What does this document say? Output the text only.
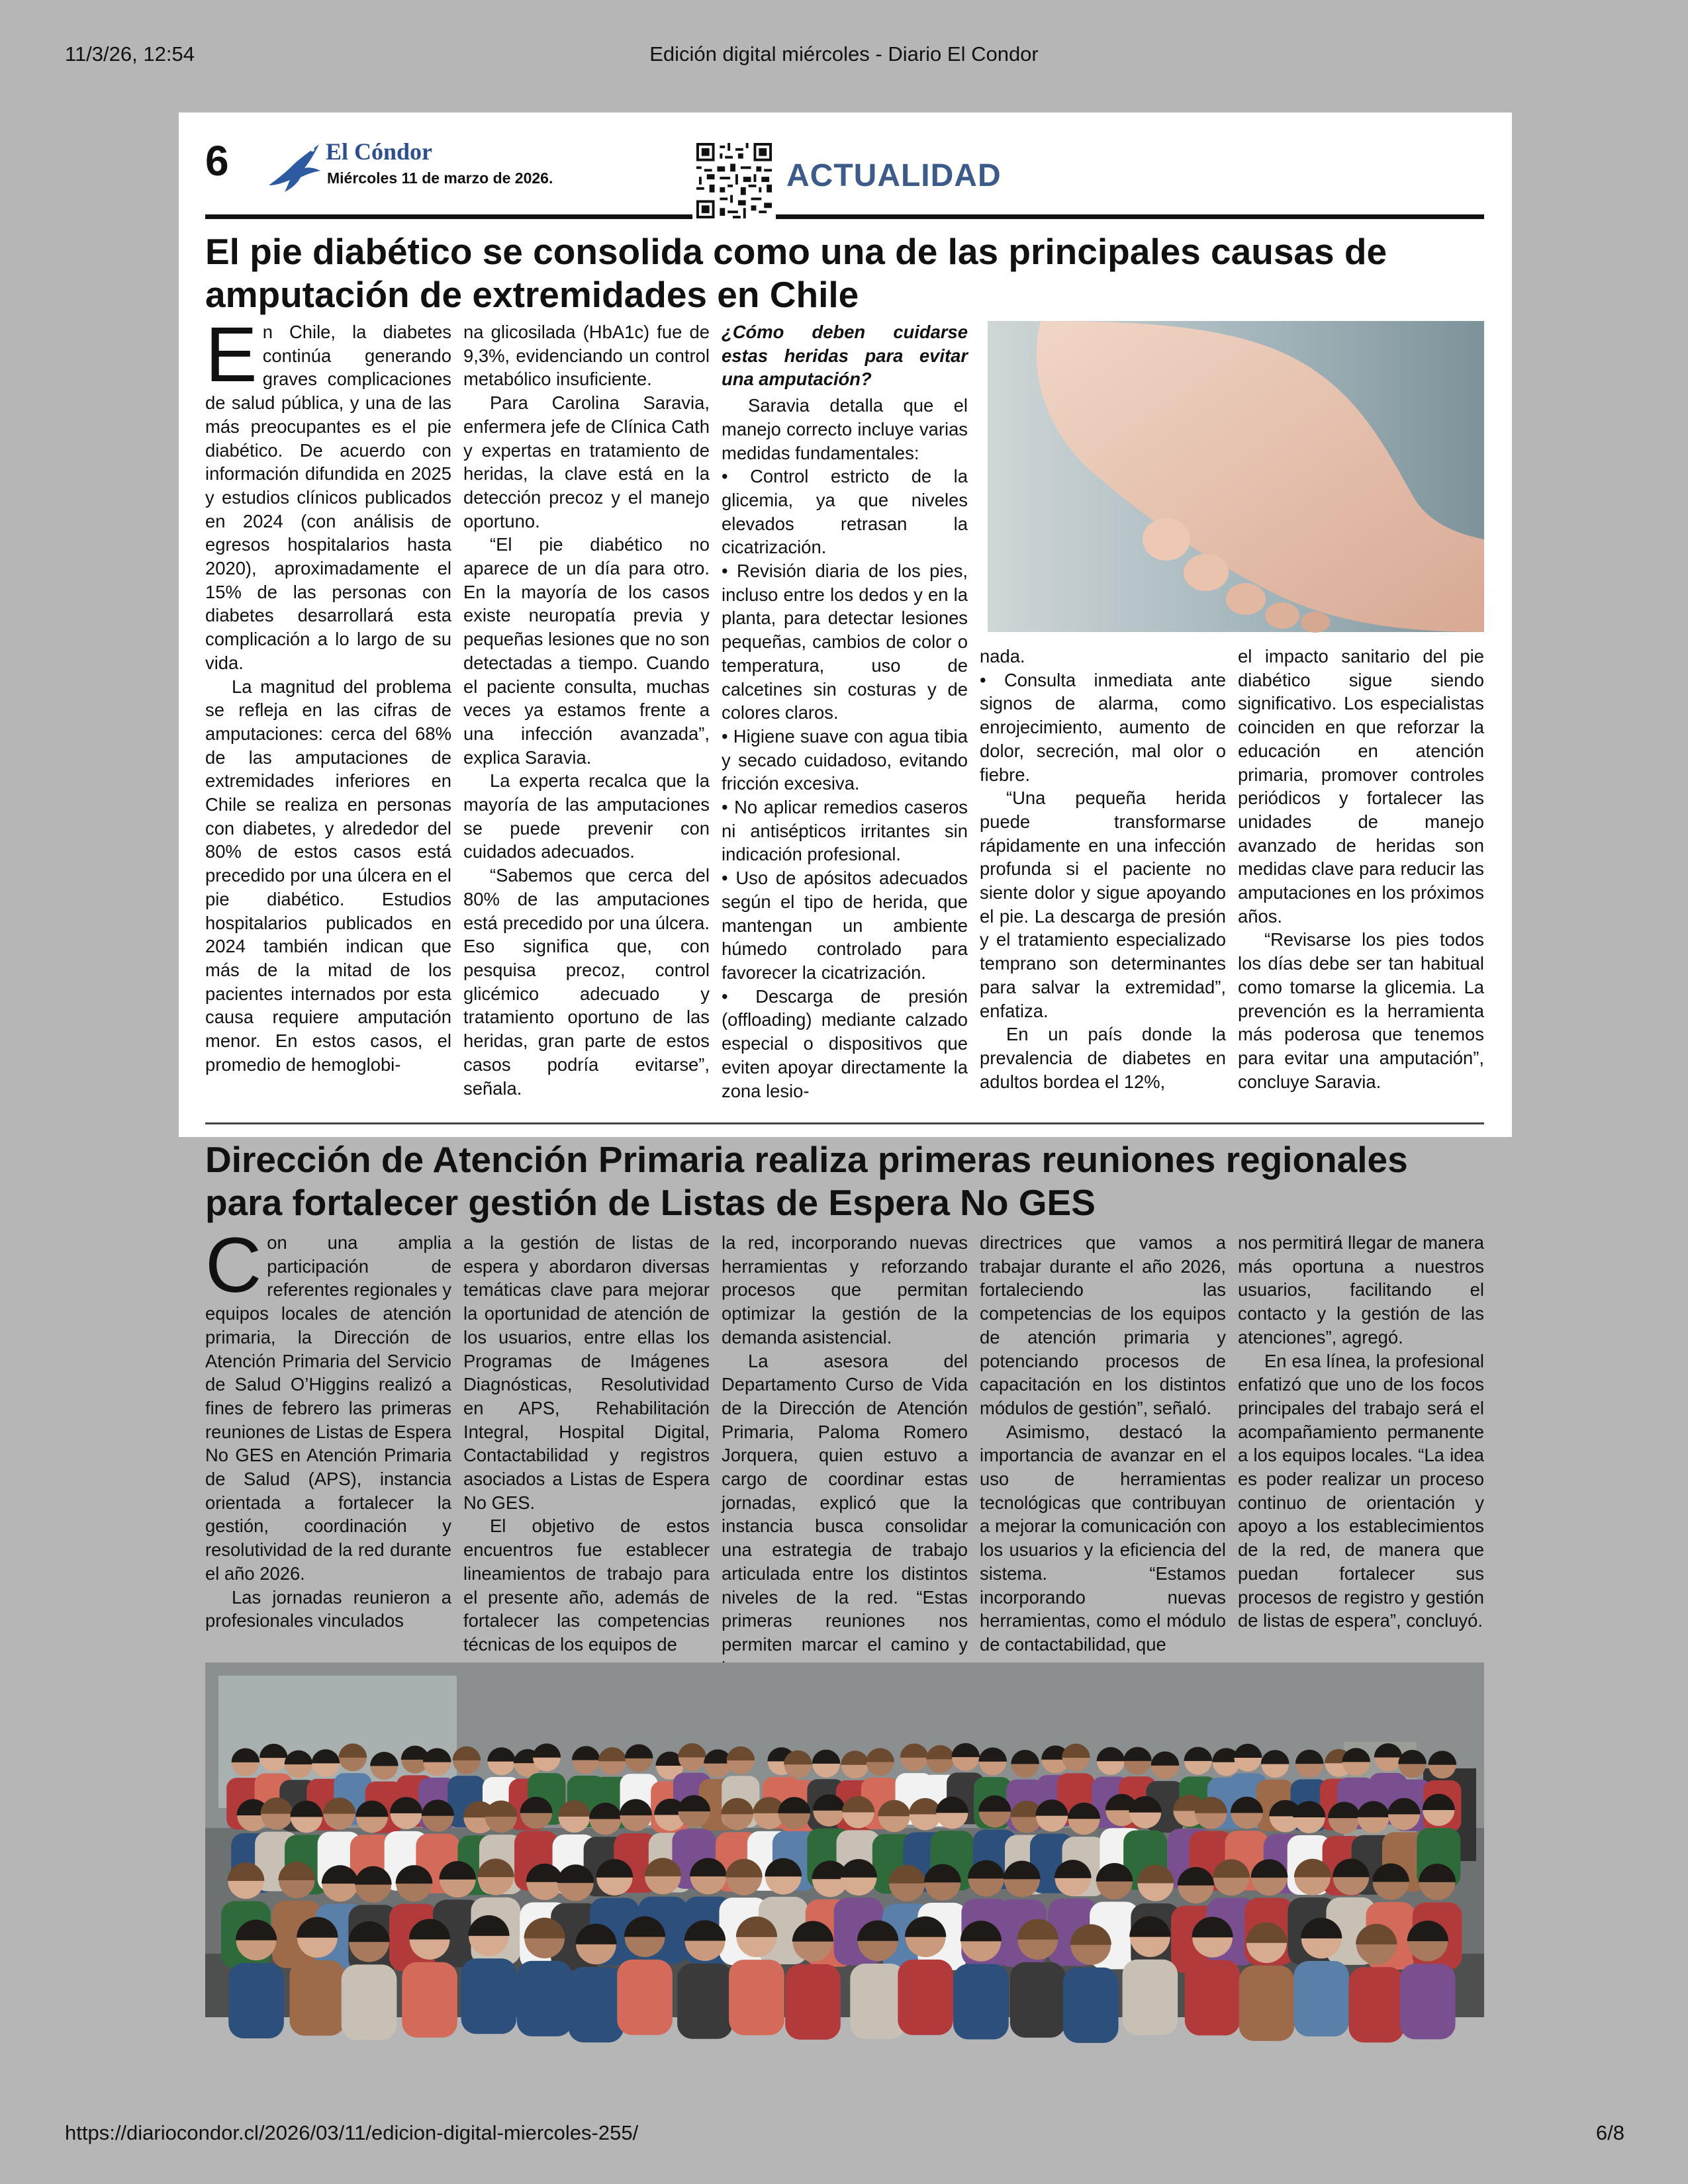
11/3/26, 12:54	Edición digital miércoles - Diario El Condor
https://diariocondor.cl/2026/03/11/edicion-digital-miercoles-255/	6/8
6	El Cóndor
Miércoles 11 de marzo de 2026.	ACTUALIDAD
El pie diabético se consolida como una de las principales causas de amputación de extremidades en Chile

En Chile, la diabetes continúa generando graves complicaciones de salud pública, y una de las más preocupantes es el pie diabético. De acuerdo con información difundida en 2025 y estudios clínicos publicados en 2024 (con análisis de egresos hospitalarios hasta 2020), aproximadamente el 15% de las personas con diabetes desarrollará esta complicación a lo largo de su vida.

La magnitud del problema se refleja en las cifras de amputaciones: cerca del 68% de las amputaciones de extremidades inferiores en Chile se realiza en personas con diabetes, y alrededor del 80% de estos casos está precedido por una úlcera en el pie diabético. Estudios hospitalarios publicados en 2024 también indican que más de la mitad de los pacientes internados por esta causa requiere amputación menor. En estos casos, el promedio de hemoglobi-

na glicosilada (HbA1c) fue de 9,3%, evidenciando un control metabólico insuficiente.

Para Carolina Saravia, enfermera jefe de Clínica Cath y expertas en tratamiento de heridas, la clave está en la detección precoz y el manejo oportuno.

“El pie diabético no aparece de un día para otro. En la mayoría de los casos existe neuropatía previa y pequeñas lesiones que no son detectadas a tiempo. Cuando el paciente consulta, muchas veces ya estamos frente a una infección avanzada”, explica Saravia.

La experta recalca que la mayoría de las amputaciones se puede prevenir con cuidados adecuados.

“Sabemos que cerca del 80% de las amputaciones está precedido por una úlcera. Eso significa que, con pesquisa precoz, control glicémico adecuado y tratamiento oportuno de las heridas, gran parte de estos casos podría evitarse”, señala.

¿Cómo deben cuidarse estas heridas para evitar una amputación?

Saravia detalla que el manejo correcto incluye varias medidas fundamentales:

• Control estricto de la glicemia, ya que niveles elevados retrasan la cicatrización.

• Revisión diaria de los pies, incluso entre los dedos y en la planta, para detectar lesiones pequeñas, cambios de color o temperatura, uso de calcetines sin costuras y de colores claros.

• Higiene suave con agua tibia y secado cuidadoso, evitando fricción excesiva.

• No aplicar remedios caseros ni antisépticos irritantes sin indicación profesional.

• Uso de apósitos adecuados según el tipo de herida, que mantengan un ambiente húmedo controlado para favorecer la cicatrización.

• Descarga de presión (offloading) mediante calzado especial o dispositivos que eviten apoyar directamente la zona lesio-

nada.

• Consulta inmediata ante signos de alarma, como enrojecimiento, aumento de dolor, secreción, mal olor o fiebre.

“Una pequeña herida puede transformarse rápidamente en una infección profunda si el paciente no siente dolor y sigue apoyando el pie. La descarga de presión y el tratamiento especializado temprano son determinantes para salvar la extremidad”, enfatiza.

En un país donde la prevalencia de diabetes en adultos bordea el 12%,

el impacto sanitario del pie diabético sigue siendo significativo. Los especialistas coinciden en que reforzar la educación en atención primaria, promover controles periódicos y fortalecer las unidades de manejo avanzado de heridas son medidas clave para reducir las amputaciones en los próximos años.

“Revisarse los pies todos los días debe ser tan habitual como tomarse la glicemia. La prevención es la herramienta más poderosa que tenemos para evitar una amputación”, concluye Saravia.

Dirección de Atención Primaria realiza primeras reuniones regionales para fortalecer gestión de Listas de Espera No GES

Con una amplia participación de referentes regionales y equipos locales de atención primaria, la Dirección de Atención Primaria del Servicio de Salud O’Higgins realizó a fines de febrero las primeras reuniones de Listas de Espera No GES en Atención Primaria de Salud (APS), instancia orientada a fortalecer la gestión, coordinación y resolutividad de la red durante el año 2026.

Las jornadas reunieron a profesionales vinculados

a la gestión de listas de espera y abordaron diversas temáticas clave para mejorar la oportunidad de atención de los usuarios, entre ellas los Programas de Imágenes Diagnósticas, Resolutividad en APS, Rehabilitación Integral, Hospital Digital, Contactabilidad y registros asociados a Listas de Espera No GES.

El objetivo de estos encuentros fue establecer lineamientos de trabajo para el presente año, además de fortalecer las competencias técnicas de los equipos de

la red, incorporando nuevas herramientas y reforzando procesos que permitan optimizar la gestión de la demanda asistencial.

La asesora del Departamento Curso de Vida de la Dirección de Atención Primaria, Paloma Romero Jorquera, quien estuvo a cargo de coordinar estas jornadas, explicó que la instancia busca consolidar una estrategia de trabajo articulada entre los distintos niveles de la red. “Estas primeras reuniones nos permiten marcar el camino y

directrices que vamos a trabajar durante el año 2026, fortaleciendo las competencias de los equipos de atención primaria y potenciando procesos de capacitación en los distintos módulos de gestión”, señaló.

Asimismo, destacó la importancia de avanzar en el uso de herramientas tecnológicas que contribuyan a mejorar la comunicación con los usuarios y la eficiencia del sistema. “Estamos incorporando nuevas herramientas, como el módulo de contactabilidad, que

nos permitirá llegar de manera más oportuna a nuestros usuarios, facilitando el contacto y la gestión de las atenciones”, agregó.

En esa línea, la profesional enfatizó que uno de los focos principales del trabajo será el acompañamiento permanente a los equipos locales. “La idea es poder realizar un proceso continuo de orientación y apoyo a los establecimientos de la red, de manera que puedan fortalecer sus procesos de registro y gestión de listas de espera”, concluyó.
